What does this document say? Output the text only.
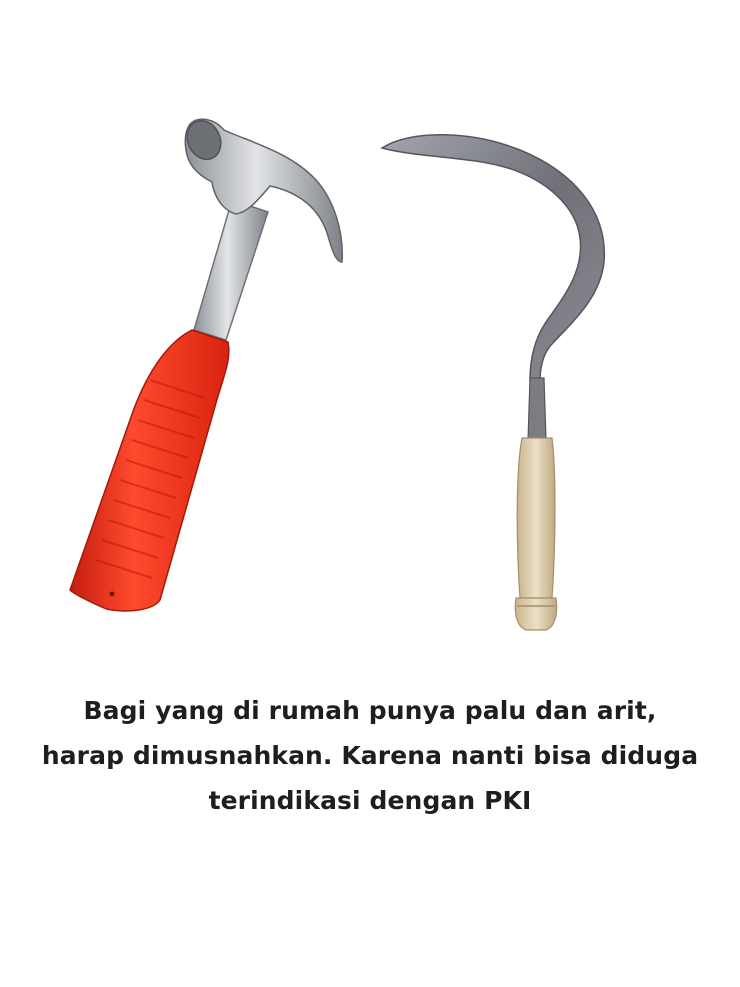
Bagi yang di rumah punya palu dan arit,
harap dimusnahkan. Karena nanti bisa diduga
terindikasi dengan PKI
